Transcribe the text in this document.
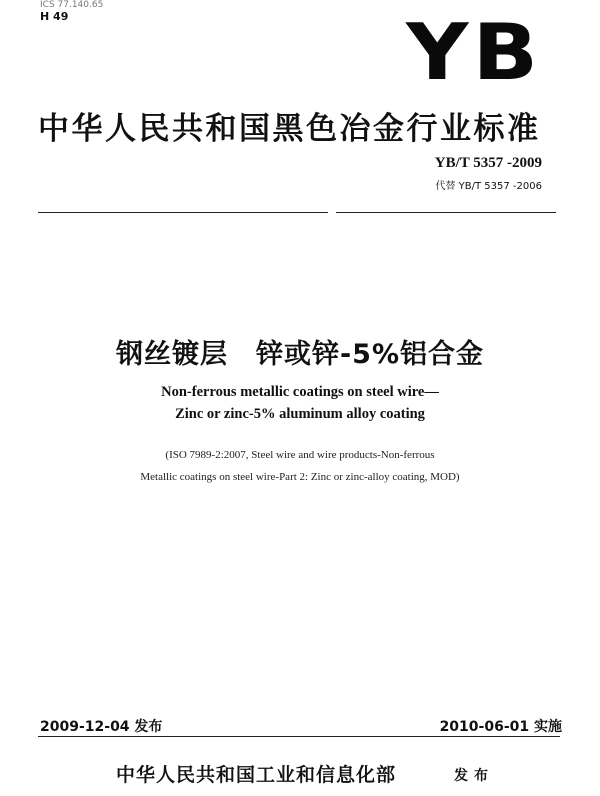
ICS 77.140.65
H 49	YB
中华人民共和国黑色冶金行业标准
YB/T 5357 -2009
代替 YB/T 5357 -2006
钢丝镀层　锌或锌-5%铝合金
Non-ferrous metallic coatings on steel wire—
Zinc or zinc-5% aluminum alloy coating
(ISO 7989-2:2007, Steel wire and wire products-Non-ferrous
Metallic coatings on steel wire-Part 2: Zinc or zinc-alloy coating, MOD)
2009-12-04 发布	2010-06-01 实施
中华人民共和国工业和信息化部	发布
